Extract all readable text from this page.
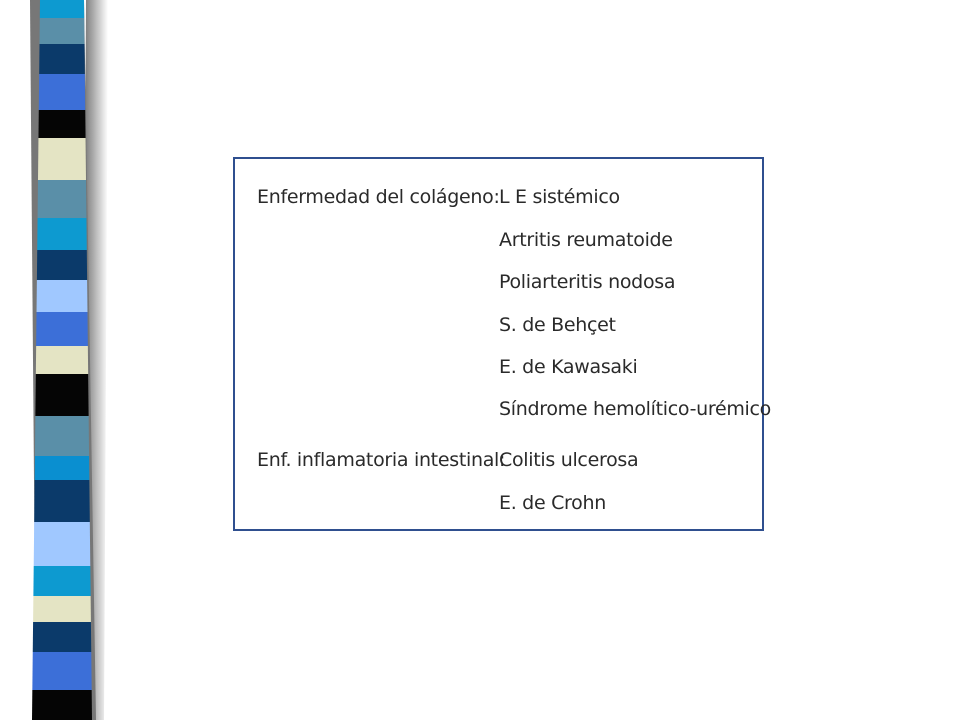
Enfermedad del colágeno: L E sistémico
Artritis reumatoide
Poliarteritis nodosa
S. de Behçet
E. de Kawasaki
Síndrome hemolítico-urémico
Enf. inflamatoria intestinal:
Colitis ulcerosa
E. de Crohn
